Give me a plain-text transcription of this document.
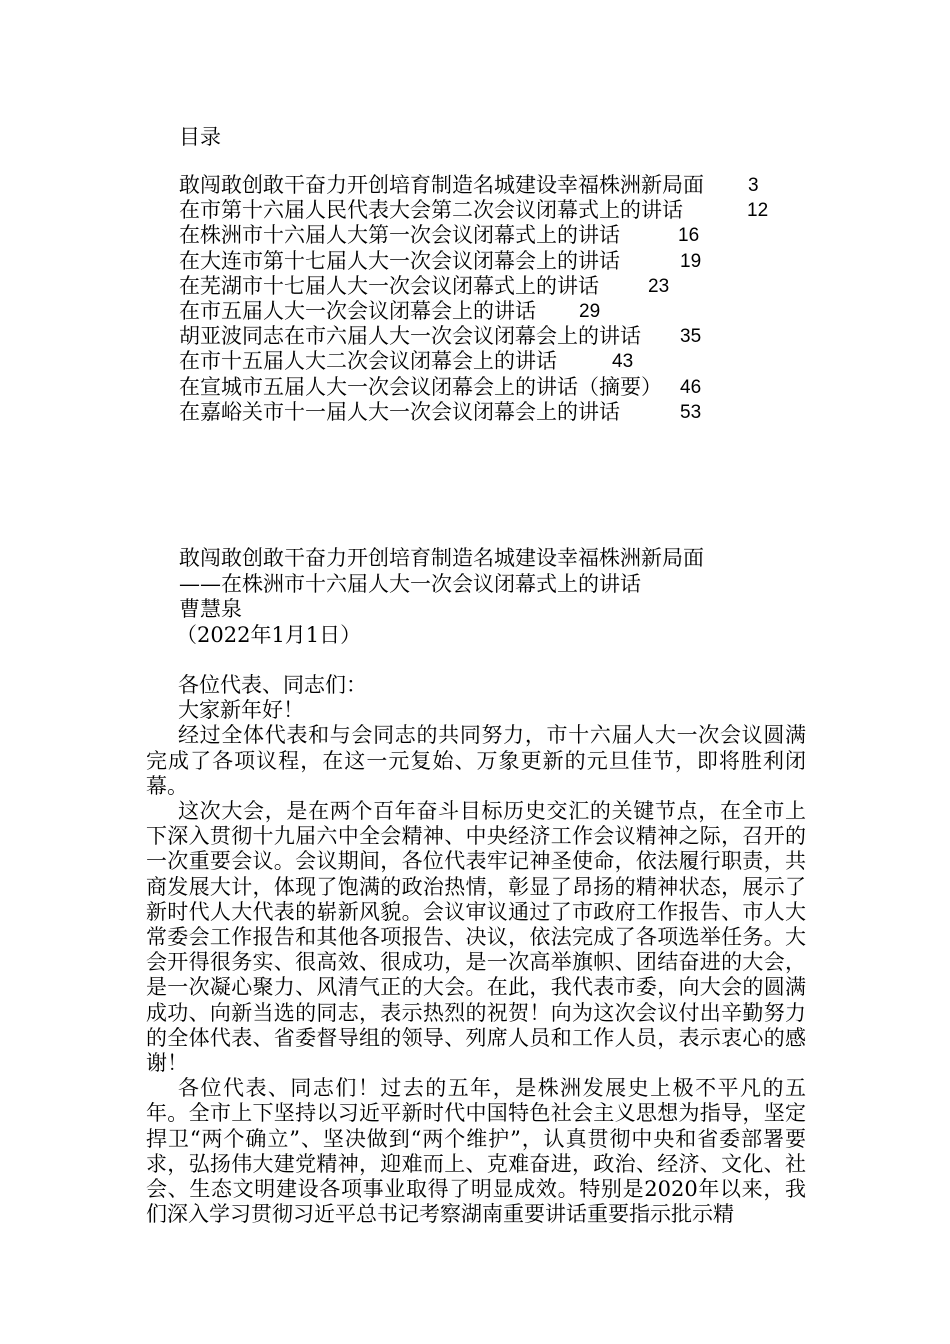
目录
敢闯敢创敢干奋力开创培育制造名城建设幸福株洲新局面 3
在市第十六届人民代表大会第二次会议闭幕式上的讲话	12
在株洲市十六届人大第一次会议闭幕式上的讲话	16
在大连市第十七届人大一次会议闭幕会上的讲话	19
在芜湖市十七届人大一次会议闭幕式上的讲话	23
在市五届人大一次会议闭幕会上的讲话 29
胡亚波同志在市六届人大一次会议闭幕会上的讲话 35
在市十五届人大二次会议闭幕会上的讲话	43
在宣城市五届人大一次会议闭幕会上的讲话（摘要） 46
在嘉峪关市十一届人大一次会议闭幕会上的讲话	53
敢闯敢创敢干奋力开创培育制造名城建设幸福株洲新局面
——在株洲市十六届人大一次会议闭幕式上的讲话
曹慧泉
（2022年1月1日）

各位代表、同志们：

大家新年好！

经过全体代表和与会同志的共同努力，市十六届人大一次会议圆满完成了各项议程，在这一元复始、万象更新的元旦佳节，即将胜利闭幕。

这次大会，是在两个百年奋斗目标历史交汇的关键节点，在全市上下深入贯彻十九届六中全会精神、中央经济工作会议精神之际，召开的一次重要会议。会议期间，各位代表牢记神圣使命，依法履行职责，共商发展大计，体现了饱满的政治热情，彰显了昂扬的精神状态，展示了新时代人大代表的崭新风貌。会议审议通过了市政府工作报告、市人大常委会工作报告和其他各项报告、决议，依法完成了各项选举任务。大会开得很务实、很高效、很成功，是一次高举旗帜、团结奋进的大会，是一次凝心聚力、风清气正的大会。在此，我代表市委，向大会的圆满成功、向新当选的同志，表示热烈的祝贺！向为这次会议付出辛勤努力的全体代表、省委督导组的领导、列席人员和工作人员，表示衷心的感谢！

各位代表、同志们！过去的五年，是株洲发展史上极不平凡的五年。全市上下坚持以习近平新时代中国特色社会主义思想为指导，坚定捍卫“两个确立”、坚决做到“两个维护”，认真贯彻中央和省委部署要求，弘扬伟大建党精神，迎难而上、克难奋进，政治、经济、文化、社会、生态文明建设各项事业取得了明显成效。特别是2020年以来，我们深入学习贯彻习近平总书记考察湖南重要讲话重要指示批示精
